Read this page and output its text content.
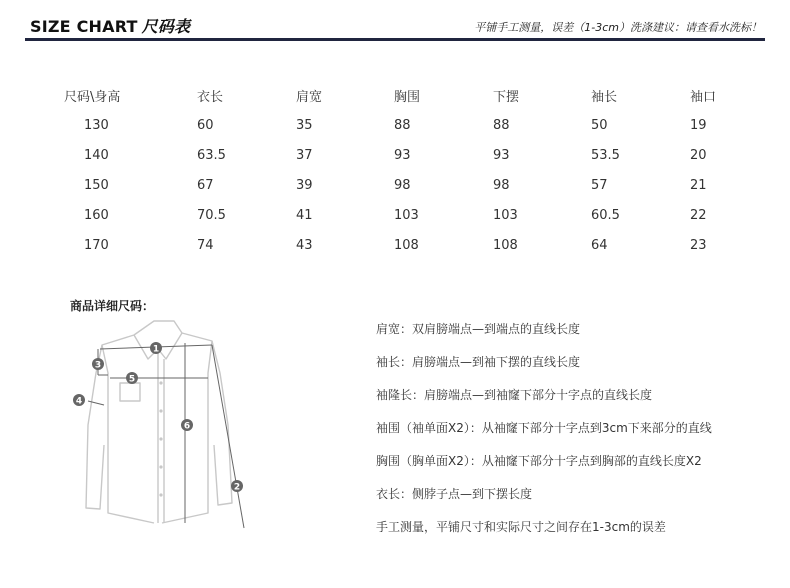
SIZE CHART 尺码表	平铺手工测量，误差（1-3cm）洗涤建议：请查看水洗标！
尺码\身高	衣长	肩宽	胸围	下摆	袖长	袖口
130	60	35	88	88	50	19
140	63.5	37	93	93	53.5	20
150	67	39	98	98	57	21
160	70.5	41	103	103	60.5	22
170	74	43	108	108	64	23
商品详细尺码：
1
2
3
4
5
6
肩宽：双肩膀端点—到端点的直线长度
袖长：肩膀端点—到袖下摆的直线长度
袖隆长：肩膀端点—到袖窿下部分十字点的直线长度
袖围（袖单面X2）：从袖窿下部分十字点到3cm下来部分的直线
胸围（胸单面X2）：从袖窿下部分十字点到胸部的直线长度X2
衣长：侧脖子点—到下摆长度
手工测量，平铺尺寸和实际尺寸之间存在1-3cm的误差
